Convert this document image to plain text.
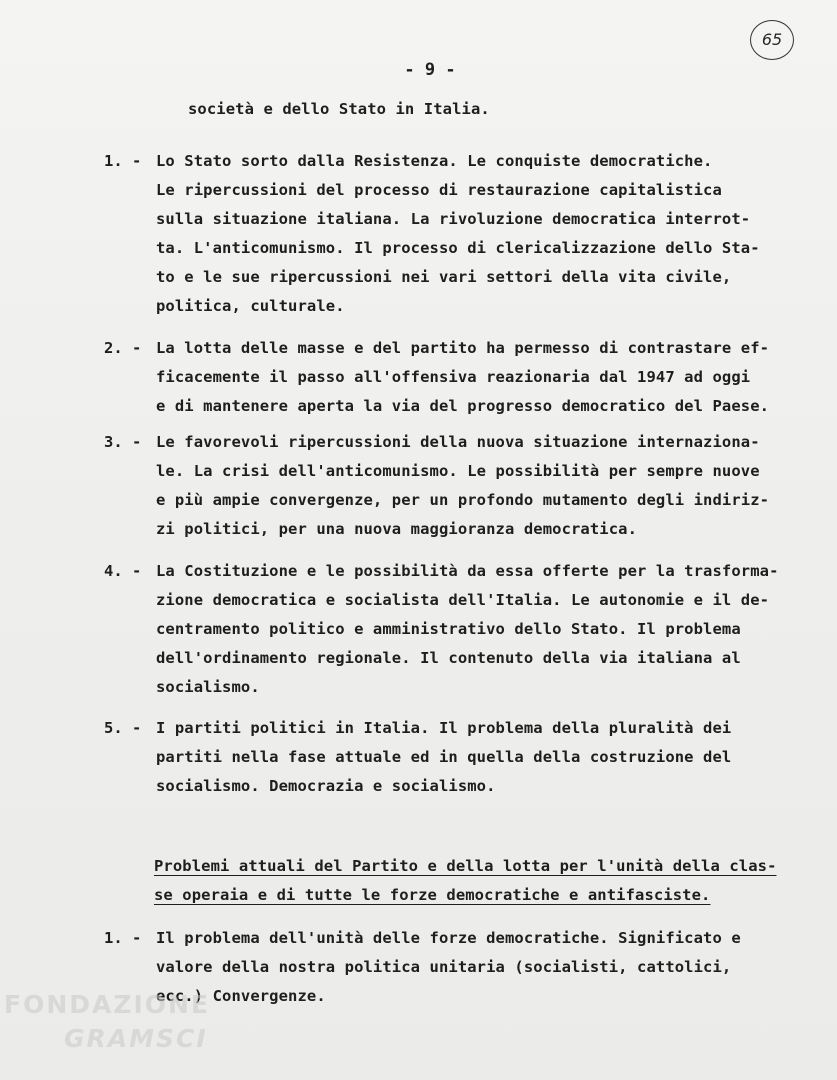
65
- 9 -
società e dello Stato in Italia.
1. - Lo Stato sorto dalla Resistenza. Le conquiste democratiche.
Le ripercussioni del processo di restaurazione capitalistica
sulla situazione italiana. La rivoluzione democratica interrot-
ta. L'anticomunismo. Il processo di clericalizzazione dello Sta-
to e le sue ripercussioni nei vari settori della vita civile,
politica, culturale.
2. - La lotta delle masse e del partito ha permesso di contrastare ef-
ficacemente il passo all'offensiva reazionaria dal 1947 ad oggi
e di mantenere aperta la via del progresso democratico del Paese.
3. - Le favorevoli ripercussioni della nuova situazione internaziona-
le. La crisi dell'anticomunismo. Le possibilità per sempre nuove
e più ampie convergenze, per un profondo mutamento degli indiriz-
zi politici, per una nuova maggioranza democratica.
4. - La Costituzione e le possibilità da essa offerte per la trasforma-
zione democratica e socialista dell'Italia. Le autonomie e il de-
centramento politico e amministrativo dello Stato. Il problema
dell'ordinamento regionale. Il contenuto della via italiana al
socialismo.
5. - I partiti politici in Italia. Il problema della pluralità dei
partiti nella fase attuale ed in quella della costruzione del
socialismo. Democrazia e socialismo.
Problemi attuali del Partito e della lotta per l'unità della clas-
se operaia e di tutte le forze democratiche e antifasciste.
1. - Il problema dell'unità delle forze democratiche. Significato e
valore della nostra politica unitaria (socialisti, cattolici,
ecc.) Convergenze.
FONDAZIONE
GRAMSCI
